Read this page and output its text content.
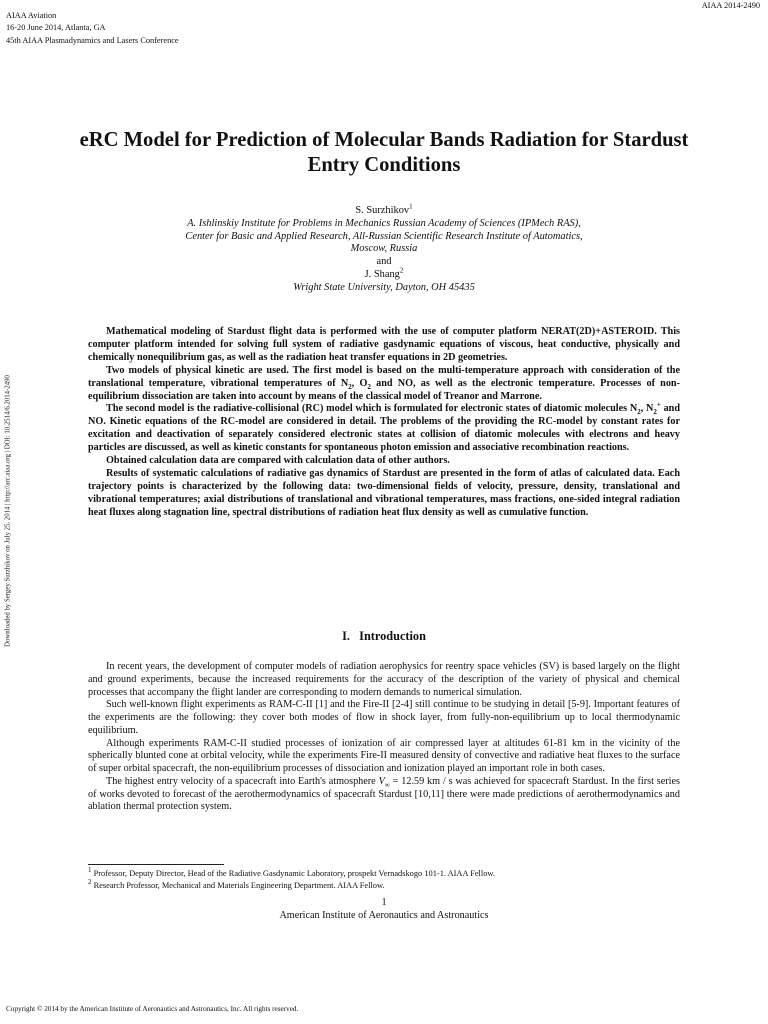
AIAA Aviation
16-20 June 2014, Atlanta, GA
45th AIAA Plasmadynamics and Lasers Conference
AIAA 2014-2490
Downloaded by Sergey Surzhikov on July 25, 2014 | http://arc.aiaa.org | DOI: 10.2514/6.2014-2490
eRC Model for Prediction of Molecular Bands Radiation for Stardust Entry Conditions
S. Surzhikov$^1$
A. Ishlinskiy Institute for Problems in Mechanics Russian Academy of Sciences (IPMech RAS),
Center for Basic and Applied Research, All-Russian Scientific Research Institute of Automatics,
Moscow, Russia
and
J. Shang$^2$
Wright State University, Dayton, OH 45435

Mathematical modeling of Stardust flight data is performed with the use of computer platform NERAT(2D)+ASTEROID. This computer platform intended for solving full system of radiative gasdynamic equations of viscous, heat conductive, physically and chemically nonequilibrium gas, as well as the radiation heat transfer equations in 2D geometries.

Two models of physical kinetic are used. The first model is based on the multi-temperature approach with consideration of the translational temperature, vibrational temperatures of $N_2$, $O_2$ and NO, as well as the electronic temperature. Processes of non-equilibrium dissociation are taken into account by means of the classical model of Treanor and Marrone.

The second model is the radiative-collisional (RC) model which is formulated for electronic states of diatomic molecules $N_2$, $N_2^+$ and NO. Kinetic equations of the RC-model are considered in detail. The problems of the providing the RC-model by constant rates for excitation and deactivation of separately considered electronic states at collision of diatomic molecules with electrons and heavy particles are discussed, as well as kinetic constants for spontaneous photon emission and associative recombination reactions.

Obtained calculation data are compared with calculation data of other authors.

Results of systematic calculations of radiative gas dynamics of Stardust are presented in the form of atlas of calculated data. Each trajectory points is characterized by the following data: two-dimensional fields of velocity, pressure, density, translational and vibrational temperatures; axial distributions of translational and vibrational temperatures, mass fractions, one-sided integral radiation heat fluxes along stagnation line, spectral distributions of radiation heat flux density as well as cumulative function.

I. Introduction

In recent years, the development of computer models of radiation aerophysics for reentry space vehicles (SV) is based largely on the flight and ground experiments, because the increased requirements for the accuracy of the description of the variety of physical and chemical processes that accompany the flight lander are corresponding to modern demands to numerical simulation.

Such well-known flight experiments as RAM-C-II [1] and the Fire-II [2-4] still continue to be studying in detail [5-9]. Important features of the experiments are the following: they cover both modes of flow in shock layer, from fully-non-equilibrium up to local thermodynamic equilibrium.

Although experiments RAM-C-II studied processes of ionization of air compressed layer at altitudes 61-81 km in the vicinity of the spherically blunted cone at orbital velocity, while the experiments Fire-II measured density of convective and radiative heat fluxes to the surface of super orbital spacecraft, the non-equilibrium processes of dissociation and ionization played an important role in both cases.

The highest entry velocity of a spacecraft into Earth's atmosphere $V_\infty = 12.59$ km / s was achieved for spacecraft Stardust. In the first series of works devoted to forecast of the aerothermodynamics of spacecraft Stardust [10,11] there were made predictions of aerothermodynamics and ablation thermal protection system.

$^1$ Professor, Deputy Director, Head of the Radiative Gasdynamic Laboratory, prospekt Vernadskogo 101-1. AIAA Fellow.
$^2$ Research Professor, Mechanical and Materials Engineering Department. AIAA Fellow.
1
American Institute of Aeronautics and Astronautics
Copyright © 2014 by the American Institute of Aeronautics and Astronautics, Inc. All rights reserved.
